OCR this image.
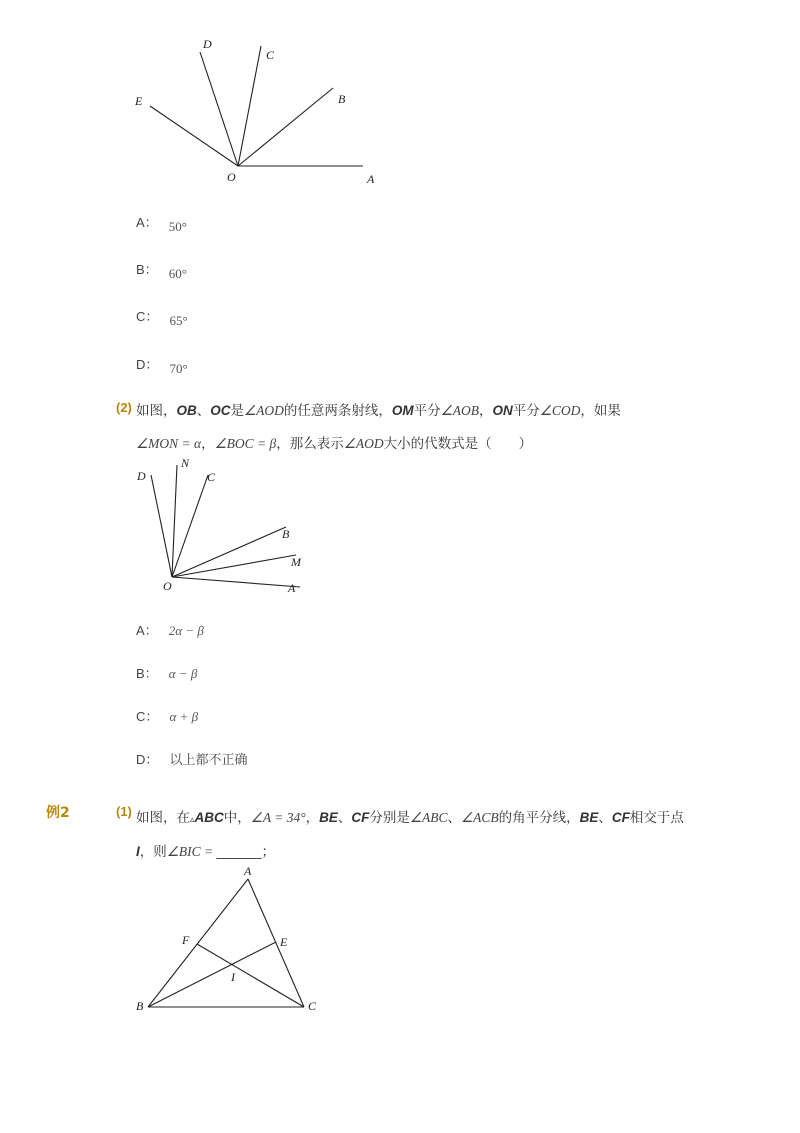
D
C
E	B
O	A
A： $_{50^\circ}$
B： $_{60^\circ}$
C： $_{65^\circ}$
D： $_{70^\circ}$
(2) 如图，OB、OC是∠AOD的任意两条射线，OM平分∠AOB，ON平分∠COD，如果
∠MON = α，∠BOC = β，那么表示∠AOD大小的代数式是（　　）
D
N
C
B
M
O	A
A： 2α − β
B： α − β
C： α + β
D： 以上都不正确
例2	(1) 如图，在▵ABC中，∠A = 34°，BE、CF分别是∠ABC、∠ACB的角平分线，BE、CF相交于点
I，则∠BIC = ______；
A
F	E
I
B	C
